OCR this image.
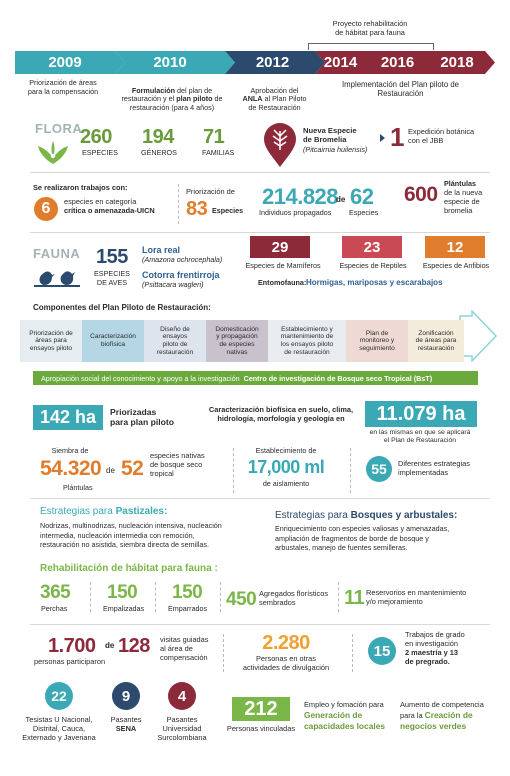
Proyecto rehabilitación
de hábitat para fauna
2009	2010	2012	2014	2016	2018
Priorización de áreas
para la compensación	Formulación del plan de
restauración y el plan piloto de
restauración (para 4 años)

Aprobación del
ANLA al Plan Piloto
de Restauración

Implementación del Plan piloto de
Restauración
FLORA
260
ESPECIES
194
GÉNEROS
71
FAMILIAS
Nueva Especie
de Bromelia
(Pitcairnia huilensis) 1 Expedición botánica
con el JBB
Se realizaron trabajos con:
6 especies en categoría
crítica o amenazada-UICN
Priorización de
83 Especies
214.828
Individuos propagados
de 62
Especies
600 Plántulas
de la nueva
especie de
bromelia
FAUNA 155
ESPECIES
DE AVES
Lora real
(Amazona ochrocephala)
Cotorra frentirroja
(Psittacara wagleri)
29
Especies de Mamíferos
23
Especies de Reptiles
12
Especies de Anfibios
Entomofauna: Hormigas, mariposas y escarabajos
Componentes del Plan Piloto de Restauración:
Priorización de
áreas para
ensayos piloto
Caracterización
biofísica
Diseño de
ensayos
piloto de
restauración
Domesticación
y propagación
de especies
nativas
Establecimiento y
mantenimiento de
los ensayos piloto
de restauración
Plan de
monitoreo y
seguimiento
Zonificación
de áreas para
restauración
Apropiación social del conocimiento y apoyo a la investigación Centro de investigación de Bosque seco Tropical (BsT)
142 ha Priorizadas
para plan piloto
Caracterización biofísica en suelo, clima,
hidrología, morfología y geología en	11.079 ha
en las mismas en que se aplicará
el Plan de Restauración
Siembra de
54.320 de 52
especies nativas
de bosque seco
tropical
Plántulas
Establecimiento de
17,000 ml
de aislamiento
55 Diferentes estrategias
implementadas
Estrategias para Pastizales:
Nodrizas, multinodrizas, nucleación intensiva, nucleación
intermedia, nucleación intermedia con remoción,
restauración no asistida, siembra directa de semillas.
Estrategias para Bosques y arbustales:
Enriquecimiento con especies valiosas y amenazadas,
ampliación de fragmentos de borde de bosque y
arbustales, manejo de fuentes semilleras.
Rehabilitación de hábitat para fauna :
365
Perchas
150
Empalizadas
150
Emparrados 450 Agregados florísticos
sembrados	11 Reservorios en mantenimiento
y/o mejoramiento
1.700
personas participaron
de 128 visitas guiadas
al área de
compensación
2.280
Personas en otras
actividades de divulgación
15
Trabajos de grado
en investigación
2 maestría y 13
de pregrado.
22
Tesistas U Nacional,
Distrital, Cauca,
Externado y Javeriana
9
Pasantes
SENA
4
Pasantes
Universidad
Surcolombiana
212
Personas vinculadas
Empleo y fomación para
Generación de
capacidades locales
Aumento de competencia
para la Creación de
negocios verdes
